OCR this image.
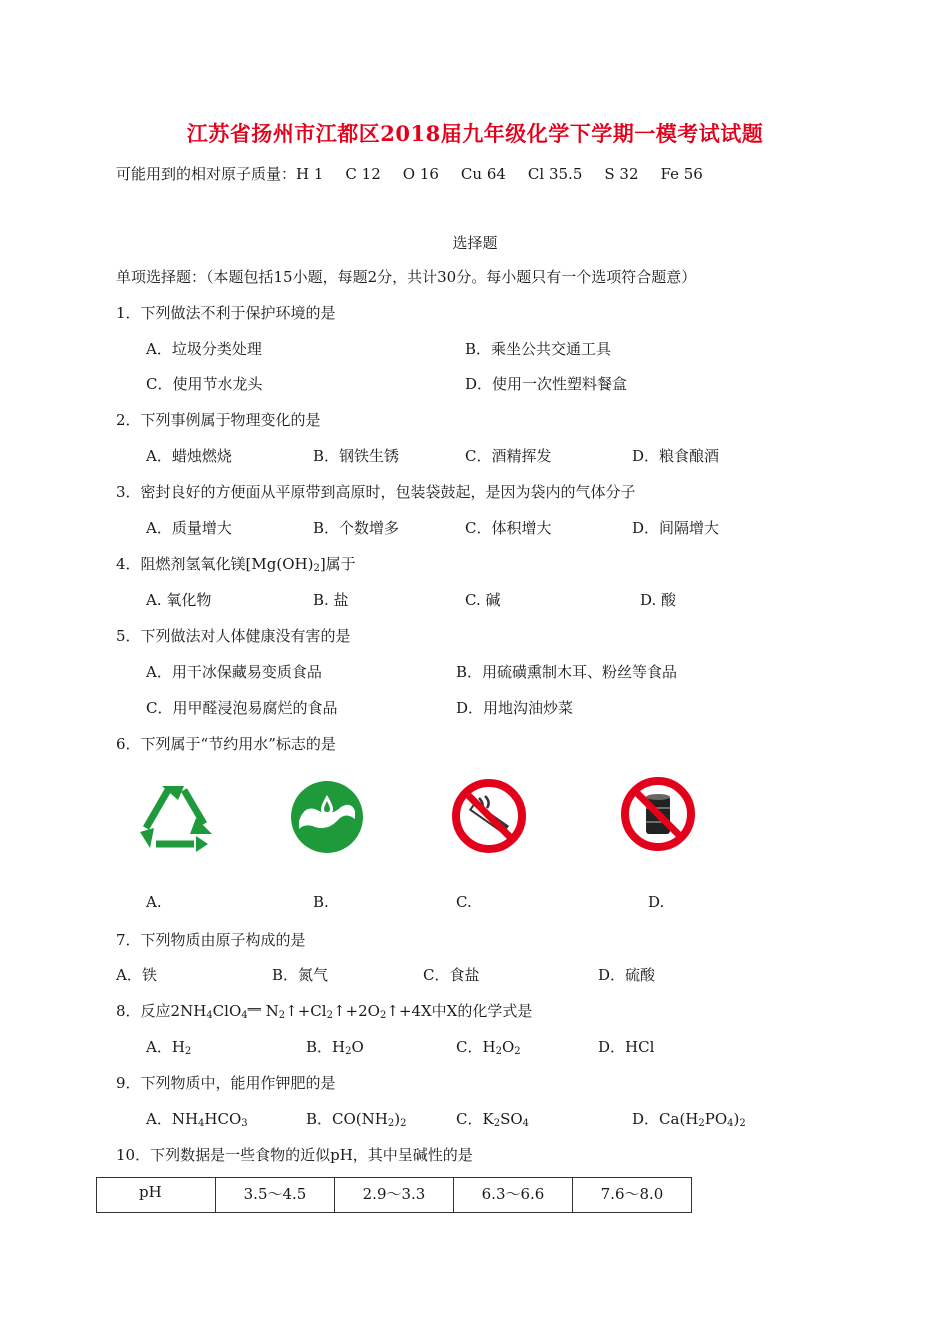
江苏省扬州市江都区2018届九年级化学下学期一模考试试题
可能用到的相对原子质量：H 1 C 12 O 16 Cu 64 Cl 35.5 S 32 Fe 56
选择题
单项选择题：（本题包括15小题，每题2分，共计30分。每小题只有一个选项符合题意）
1．下列做法不利于保护环境的是
A．垃圾分类处理	B．乘坐公共交通工具
C．使用节水龙头	D．使用一次性塑料餐盒
2．下列事例属于物理变化的是
A．蜡烛燃烧	B．钢铁生锈	C．酒精挥发	D．粮食酿酒
3．密封良好的方便面从平原带到高原时，包装袋鼓起，是因为袋内的气体分子
A．质量增大	B．个数增多	C．体积增大	D．间隔增大
4．阻燃剂氢氧化镁$[Mg(OH)_2]$属于
A. 氧化物	B. 盐	C. 碱	D. 酸
5．下列做法对人体健康没有害的是
A．用干冰保藏易变质食品	B．用硫磺熏制木耳、粉丝等食品
C．用甲醛浸泡易腐烂的食品	D．用地沟油炒菜
6．下列属于“节约用水”标志的是
A.	B.	C.	D.
7．下列物质由原子构成的是
A．铁	B．氮气	C．食盐	D．硫酸
8．反应$2NH_4ClO_4^{══}$ $N_2↑+Cl_2↑+2O_2↑+4X$中X的化学式是
A．$H_2$	B．$H_2O$	C．$H_2O_2$	D．HCl
9．下列物质中，能用作钾肥的是
A．$NH_4HCO_3$	B．$CO(NH_2)_2$	C．$K_2SO_4$	D．$Ca(H_2PO_4)_2$
10．下列数据是一些食物的近似pH，其中呈碱性的是
pH	3.5～4.5	2.9～3.3	6.3～6.6	7.6～8.0
